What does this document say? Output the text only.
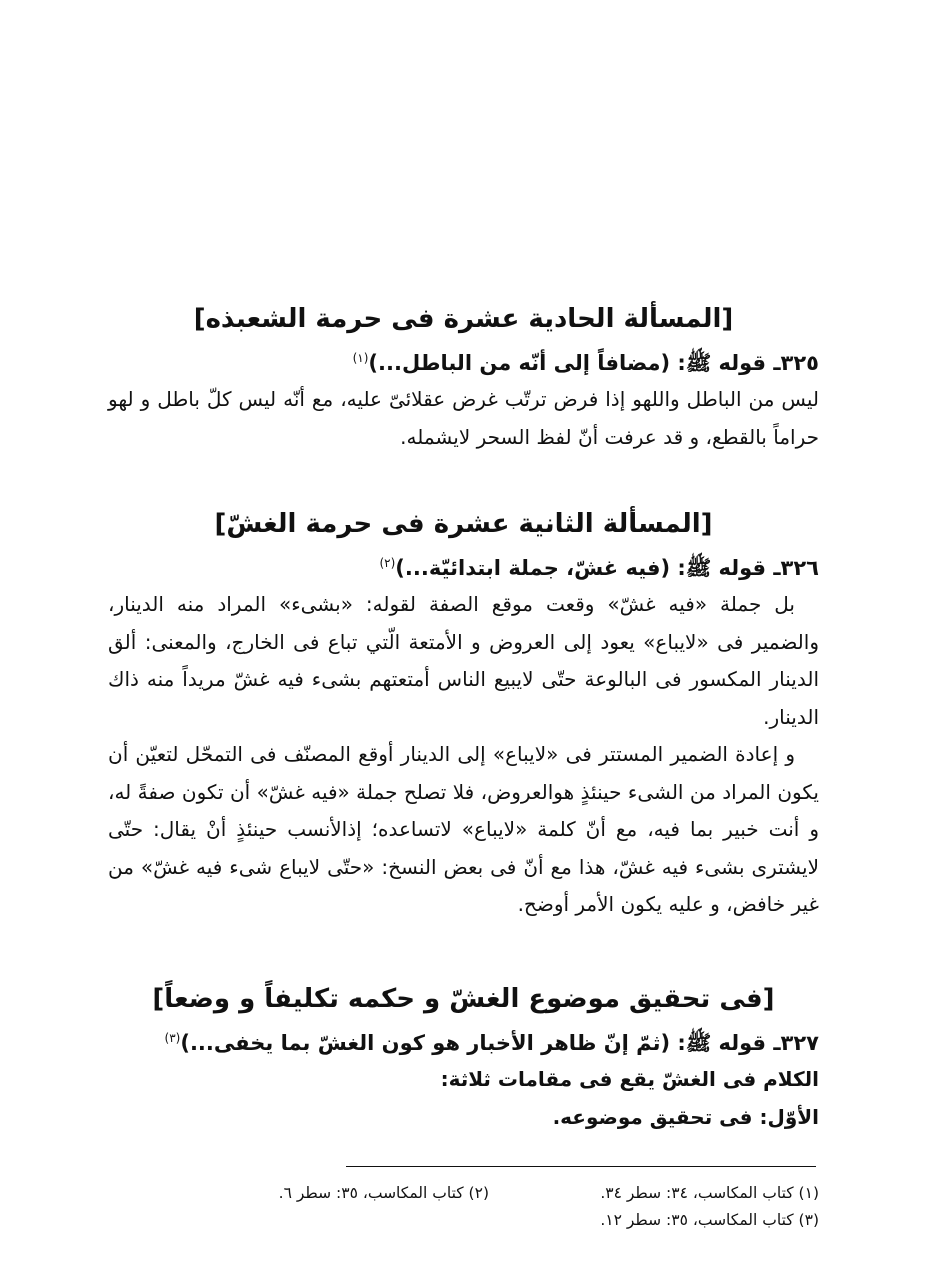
[المسألة الحادية عشرة فى حرمة الشعبذه]
٣٢٥ـ قوله ﷺ: (مضافاً إلى أنّه من الباطل...)$^{(١)}$
ليس من الباطل واللهو إذا فرض ترتّب غرض عقلائىّ عليه، مع أنّه ليس كلّ باطل و لهو حراماً بالقطع، و قد عرفت أنّ لفظ السحر لايشمله.
[المسألة الثانية عشرة فى حرمة الغشّ]
٣٢٦ـ قوله ﷺ: (فيه غشّ، جملة ابتدائيّة...)$^{(٢)}$
بل جملة «فيه غشّ» وقعت موقع الصفة لقوله: «بشىء» المراد منه الدينار، والضمير فى «لايباع» يعود إلى العروض و الأمتعة الّتي تباع فى الخارج، والمعنى: ألق الدينار المكسور فى البالوعة حتّى لايبيع الناس أمتعتهم بشىء فيه غشّ مريداً منه ذاك الدينار.
و إعادة الضمير المستتر فى «لايباع» إلى الدينار أوقع المصنّف فى التمحّل لتعيّن أن يكون المراد من الشىء حينئذٍ هوالعروض، فلا تصلح جملة «فيه غشّ» أن تكون صفةً له، و أنت خبير بما فيه، مع أنّ كلمة «لايباع» لاتساعده؛ إذالأنسب حينئذٍ أنْ يقال: حتّى لايشترى بشىء فيه غشّ، هذا مع أنّ فى بعض النسخ: «حتّى لايباع شىء فيه غشّ» من غير خافض، و عليه يكون الأمر أوضح.
[فى تحقيق موضوع الغشّ و حكمه تكليفاً و وضعاً]
٣٢٧ـ قوله ﷺ: (ثمّ إنّ ظاهر الأخبار هو كون الغشّ بما يخفى...)$^{(٣)}$
الكلام فى الغشّ يقع فى مقامات ثلاثة:
الأوّل: فى تحقيق موضوعه.
(١) كتاب المكاسب، ٣٤: سطر ٣٤.
(٢) كتاب المكاسب، ٣٥: سطر ٦.
(٣) كتاب المكاسب، ٣٥: سطر ١٢.
